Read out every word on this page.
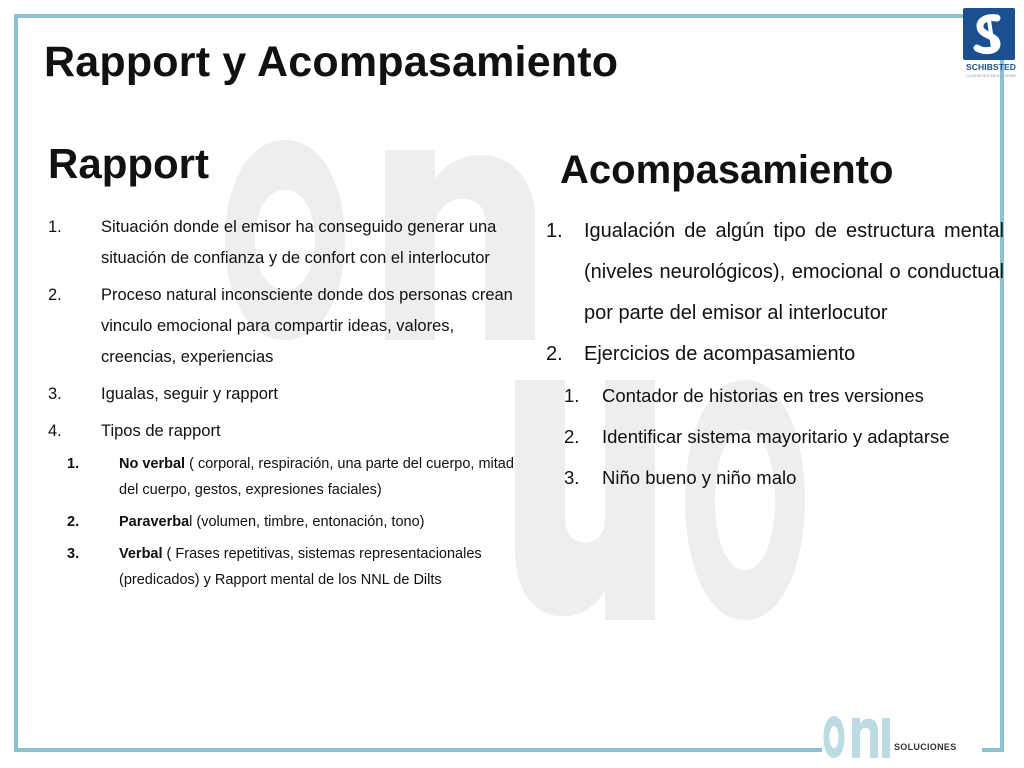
Rapport y Acompasamiento	SCHIBSTED
CLASSIFIED MEDIA SPAIN
Rapport
1. Situación donde el emisor ha conseguido generar una situación de confianza y de confort con el interlocutor
2. Proceso natural inconsciente donde dos personas crean vinculo emocional para compartir ideas, valores, creencias, experiencias
3. Igualas, seguir y rapport
4. Tipos de rapport
1.	No verbal ( corporal, respiración, una parte del cuerpo, mitad del cuerpo, gestos, expresiones faciales)
2.	Paraverbal (volumen, timbre, entonación, tono)
3.	Verbal ( Frases repetitivas, sistemas representacionales (predicados) y Rapport mental de los NNL de Dilts
Acompasamiento
1. Igualación de algún tipo de estructura mental (niveles neurológicos), emocional o conductual por parte del emisor al interlocutor
2. Ejercicios de acompasamiento
1. Contador de historias en tres versiones
2. Identificar sistema mayoritario y adaptarse
3. Niño bueno y niño malo
SOLUCIONES
